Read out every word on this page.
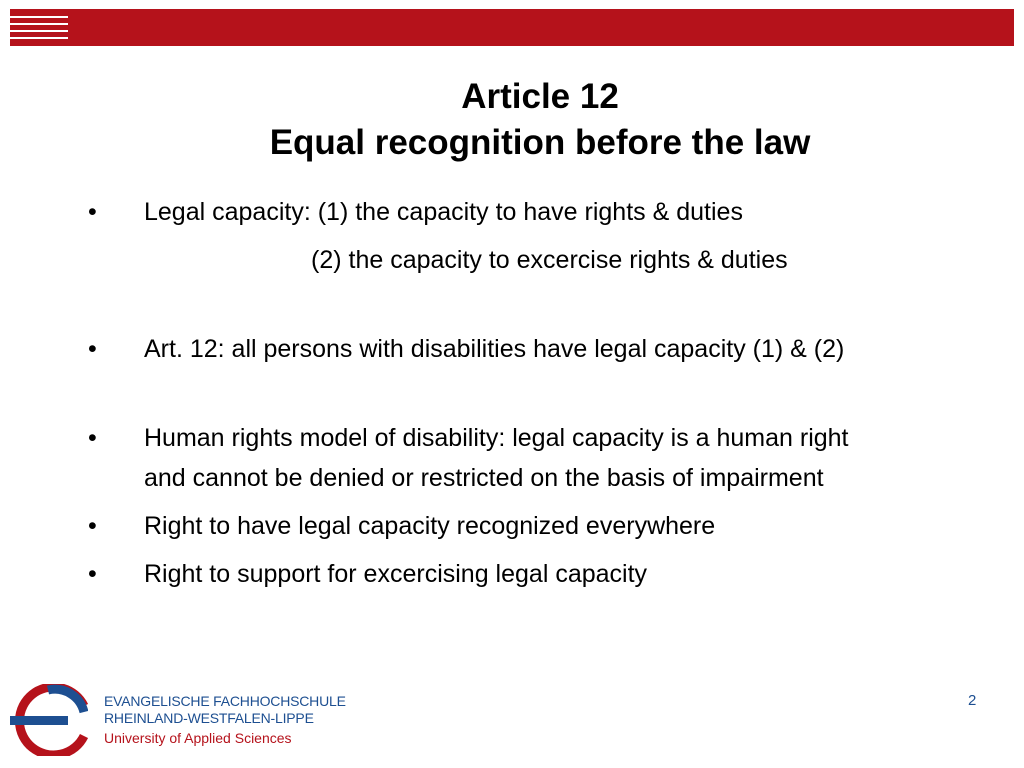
Article 12
Equal recognition before the law
• Legal capacity: (1) the capacity to have rights & duties
(2) the capacity to excercise rights & duties
• Art. 12: all persons with disabilities have legal capacity (1) & (2)
• Human rights model of disability: legal capacity is a human right
and cannot be denied or restricted on the basis of impairment
• Right to have legal capacity recognized everywhere
• Right to support for excercising legal capacity
EVANGELISCHE FACHHOCHSCHULE
RHEINLAND-WESTFALEN-LIPPE
University of Applied Sciences
2
